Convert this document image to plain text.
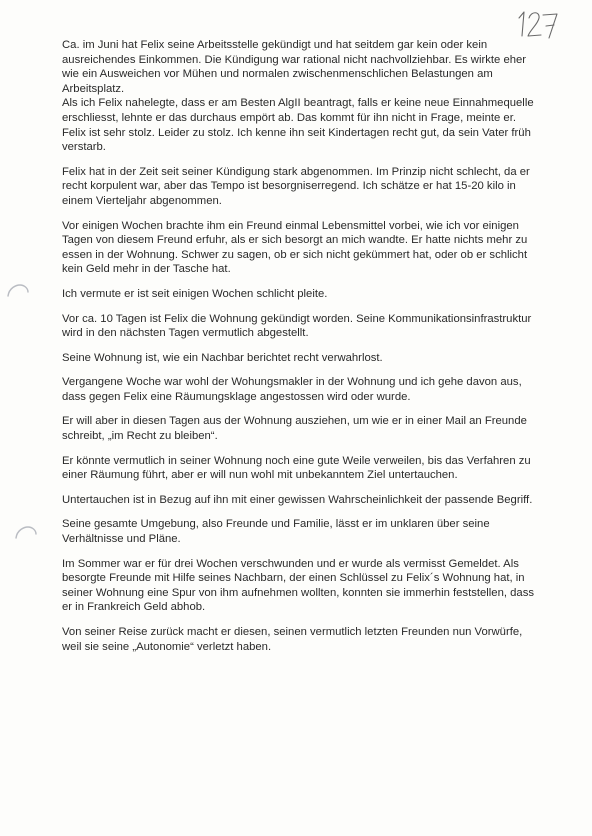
Ca. im Juni hat Felix seine Arbeitsstelle gekündigt und hat seitdem gar kein oder kein ausreichendes Einkommen. Die Kündigung war rational nicht nachvollziehbar. Es wirkte eher wie ein Ausweichen vor Mühen und normalen zwischenmenschlichen Belastungen am Arbeitsplatz.

Als ich Felix nahelegte, dass er am Besten AlgII beantragt, falls er keine neue Einnahmequelle erschliesst, lehnte er das durchaus empört ab. Das kommt für ihn nicht in Frage, meinte er. Felix ist sehr stolz. Leider zu stolz. Ich kenne ihn seit Kindertagen recht gut, da sein Vater früh verstarb.

Felix hat in der Zeit seit seiner Kündigung stark abgenommen. Im Prinzip nicht schlecht, da er recht korpulent war, aber das Tempo ist besorgniserregend. Ich schätze er hat 15-20 kilo in einem Vierteljahr abgenommen.

Vor einigen Wochen brachte ihm ein Freund einmal Lebensmittel vorbei, wie ich vor einigen Tagen von diesem Freund erfuhr, als er sich besorgt an mich wandte. Er hatte nichts mehr zu essen in der Wohnung. Schwer zu sagen, ob er sich nicht gekümmert hat, oder ob er schlicht kein Geld mehr in der Tasche hat.

Ich vermute er ist seit einigen Wochen schlicht pleite.

Vor ca. 10 Tagen ist Felix die Wohnung gekündigt worden. Seine Kommunikationsinfrastruktur wird in den nächsten Tagen vermutlich abgestellt.

Seine Wohnung ist, wie ein Nachbar berichtet recht verwahrlost.

Vergangene Woche war wohl der Wohungsmakler in der Wohnung und ich gehe davon aus, dass gegen Felix eine Räumungsklage angestossen wird oder wurde.

Er will aber in diesen Tagen aus der Wohnung ausziehen, um wie er in einer Mail an Freunde schreibt, „im Recht zu bleiben“.

Er könnte vermutlich in seiner Wohnung noch eine gute Weile verweilen, bis das Verfahren zu einer Räumung führt, aber er will nun wohl mit unbekanntem Ziel untertauchen.

Untertauchen ist in Bezug auf ihn mit einer gewissen Wahrscheinlichkeit der passende Begriff.

Seine gesamte Umgebung, also Freunde und Familie, lässt er im unklaren über seine Verhältnisse und Pläne.

Im Sommer war er für drei Wochen verschwunden und er wurde als vermisst Gemeldet. Als besorgte Freunde mit Hilfe seines Nachbarn, der einen Schlüssel zu Felix´s Wohnung hat, in seiner Wohnung eine Spur von ihm aufnehmen wollten, konnten sie immerhin feststellen, dass er in Frankreich Geld abhob.

Von seiner Reise zurück macht er diesen, seinen vermutlich letzten Freunden nun Vorwürfe, weil sie seine „Autonomie“ verletzt haben.
